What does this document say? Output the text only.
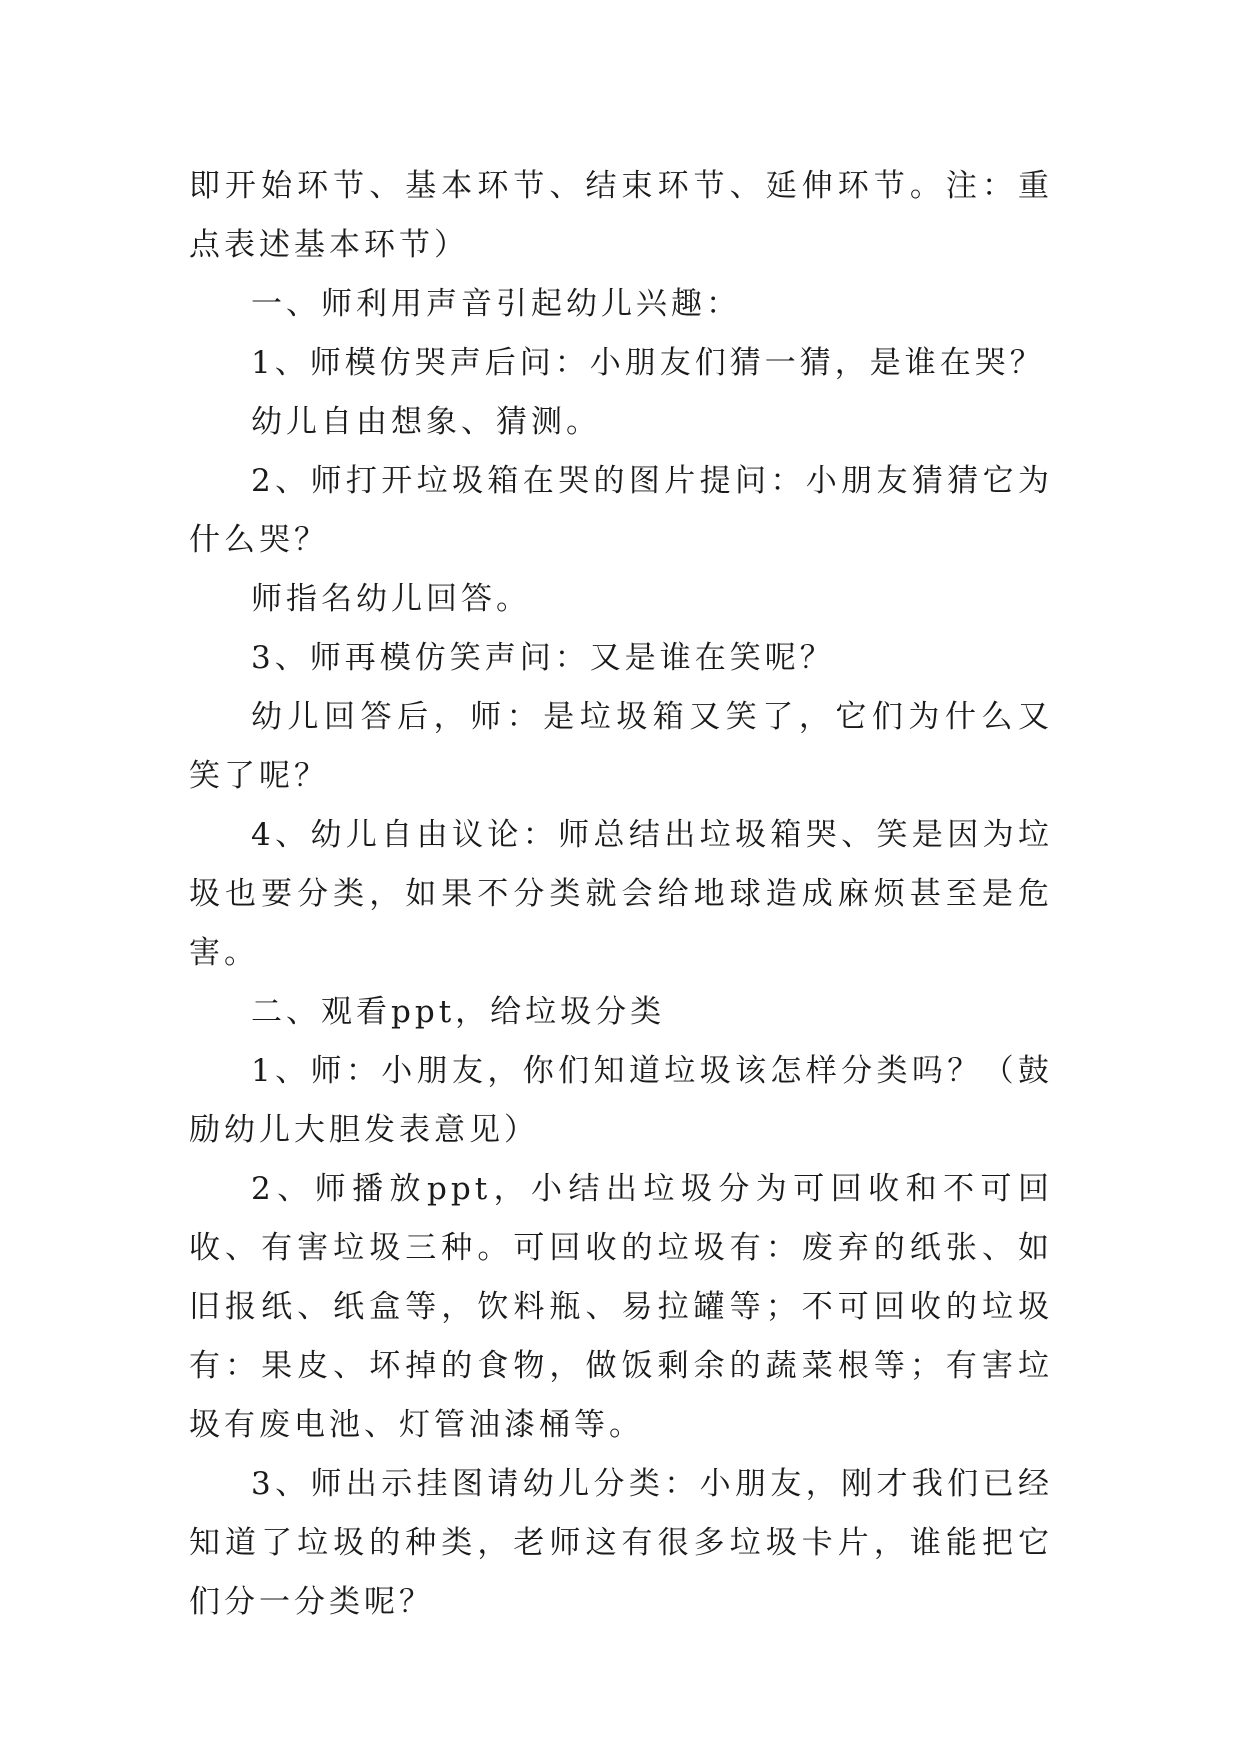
即开始环节、基本环节、结束环节、延伸环节。注：重点表述基本环节）

一、师利用声音引起幼儿兴趣：

1、师模仿哭声后问：小朋友们猜一猜，是谁在哭？

幼儿自由想象、猜测。

2、师打开垃圾箱在哭的图片提问：小朋友猜猜它为什么哭？

师指名幼儿回答。

3、师再模仿笑声问：又是谁在笑呢？

幼儿回答后，师：是垃圾箱又笑了，它们为什么又笑了呢？

4、幼儿自由议论：师总结出垃圾箱哭、笑是因为垃圾也要分类，如果不分类就会给地球造成麻烦甚至是危害。

二、观看ppt，给垃圾分类

1、师：小朋友，你们知道垃圾该怎样分类吗？（鼓励幼儿大胆发表意见）

2、师播放ppt，小结出垃圾分为可回收和不可回收、有害垃圾三种。可回收的垃圾有：废弃的纸张、如旧报纸、纸盒等，饮料瓶、易拉罐等；不可回收的垃圾有：果皮、坏掉的食物，做饭剩余的蔬菜根等；有害垃圾有废电池、灯管油漆桶等。

3、师出示挂图请幼儿分类：小朋友，刚才我们已经知道了垃圾的种类，老师这有很多垃圾卡片，谁能把它们分一分类呢？
